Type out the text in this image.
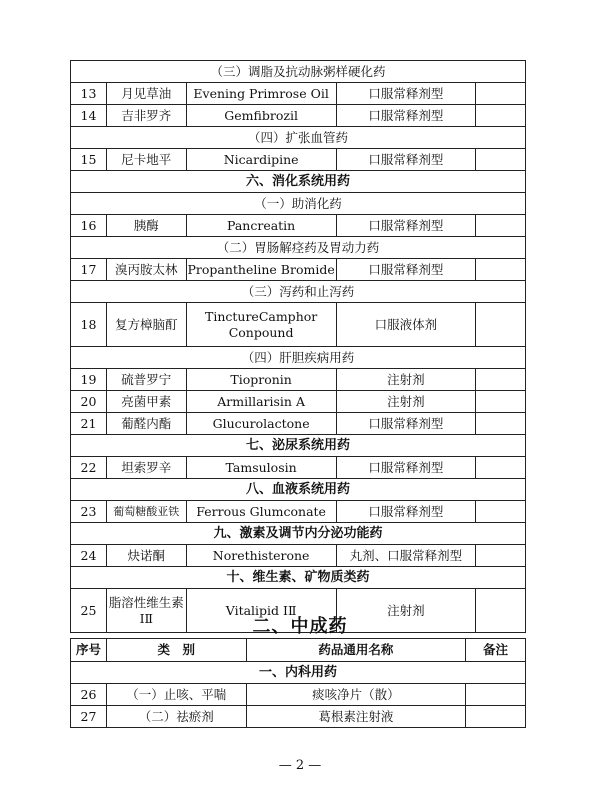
（三）调脂及抗动脉粥样硬化药				
13	月见草油	Evening Primrose Oil	口服常释剂型	
14	吉非罗齐	Gemfibrozil	口服常释剂型	
（四）扩张血管药				
15	尼卡地平	Nicardipine	口服常释剂型	
六、消化系统用药				
（一）助消化药				
16	胰酶	Pancreatin	口服常释剂型	
（二）胃肠解痉药及胃动力药				
17	溴丙胺太林	Propantheline Bromide	口服常释剂型	
（三）泻药和止泻药				
18	复方樟脑酊	TinctureCamphor Conpound	口服液体剂	
（四）肝胆疾病用药				
19	硫普罗宁	Tiopronin	注射剂	
20	亮菌甲素	Armillarisin A	注射剂	
21	葡醛内酯	Glucurolactone	口服常释剂型	
七、泌尿系统用药				
22	坦索罗辛	Tamsulosin	口服常释剂型	
八、血液系统用药				
23	葡萄糖酸亚铁	Ferrous Glumconate	口服常释剂型	
九、激素及调节内分泌功能药				
24	炔诺酮	Norethisterone	丸剂、口服常释剂型	
十、维生素、矿物质类药				
25	脂溶性维生素ⅠⅡ	Vitalipid ⅠⅡ	注射剂	
二、中成药
序号	类　别	药品通用名称	备注
一、内科用药			
26	（一）止咳、平喘	痰咳净片（散）	
27	（二）祛瘀剂	葛根素注射液	
— 2 —
